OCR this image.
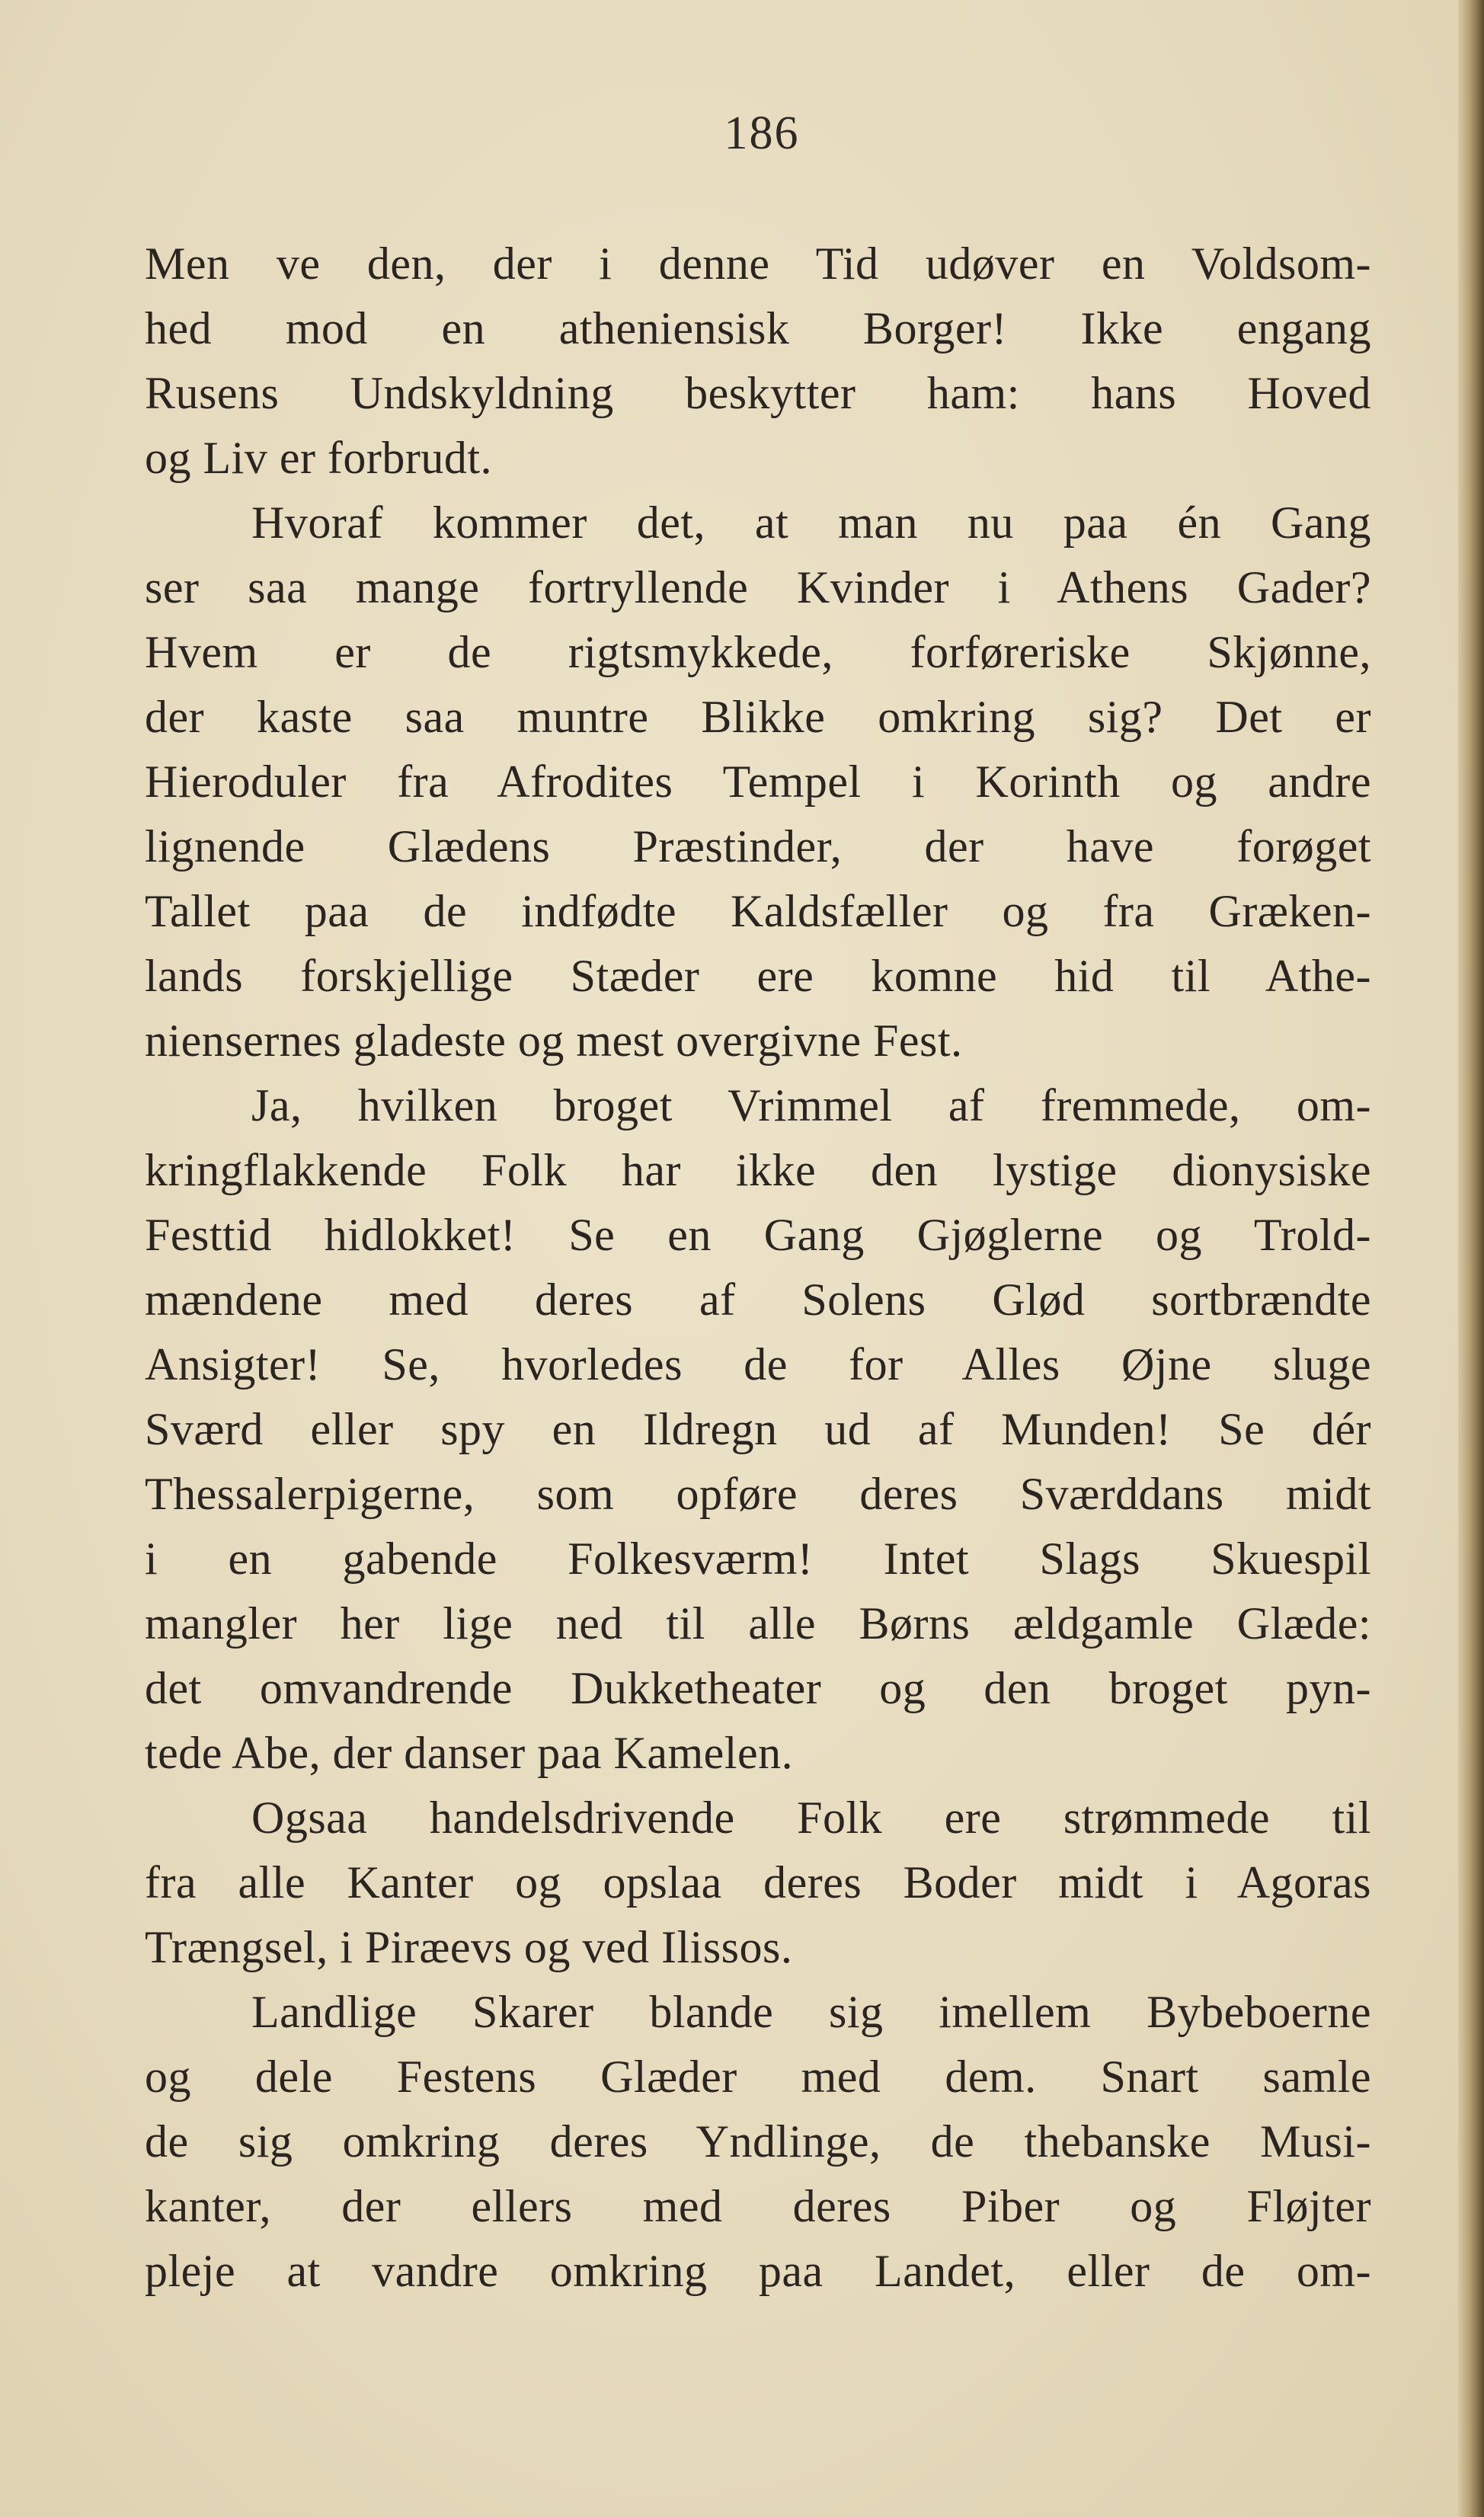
186
Men ve den, der i denne Tid udøver en Voldsom-
hed mod en atheniensisk Borger! Ikke engang
Rusens Undskyldning beskytter ham: hans Hoved
og Liv er forbrudt.
Hvoraf kommer det, at man nu paa én Gang
ser saa mange fortryllende Kvinder i Athens Gader?
Hvem er de rigtsmykkede, forføreriske Skjønne,
der kaste saa muntre Blikke omkring sig? Det er
Hieroduler fra Afrodites Tempel i Korinth og andre
lignende Glædens Præstinder, der have forøget
Tallet paa de indfødte Kaldsfæller og fra Græken-
lands forskjellige Stæder ere komne hid til Athe-
niensernes gladeste og mest overgivne Fest.
Ja, hvilken broget Vrimmel af fremmede, om-
kringflakkende Folk har ikke den lystige dionysiske
Festtid hidlokket! Se en Gang Gjøglerne og Trold-
mændene med deres af Solens Glød sortbrændte
Ansigter! Se, hvorledes de for Alles Øjne sluge
Sværd eller spy en Ildregn ud af Munden! Se dér
Thessalerpigerne, som opføre deres Sværddans midt
i en gabende Folkesværm! Intet Slags Skuespil
mangler her lige ned til alle Børns ældgamle Glæde:
det omvandrende Dukketheater og den broget pyn-
tede Abe, der danser paa Kamelen.
Ogsaa handelsdrivende Folk ere strømmede til
fra alle Kanter og opslaa deres Boder midt i Agoras
Trængsel, i Piræevs og ved Ilissos.
Landlige Skarer blande sig imellem Bybeboerne
og dele Festens Glæder med dem. Snart samle
de sig omkring deres Yndlinge, de thebanske Musi-
kanter, der ellers med deres Piber og Fløjter
pleje at vandre omkring paa Landet, eller de om-
